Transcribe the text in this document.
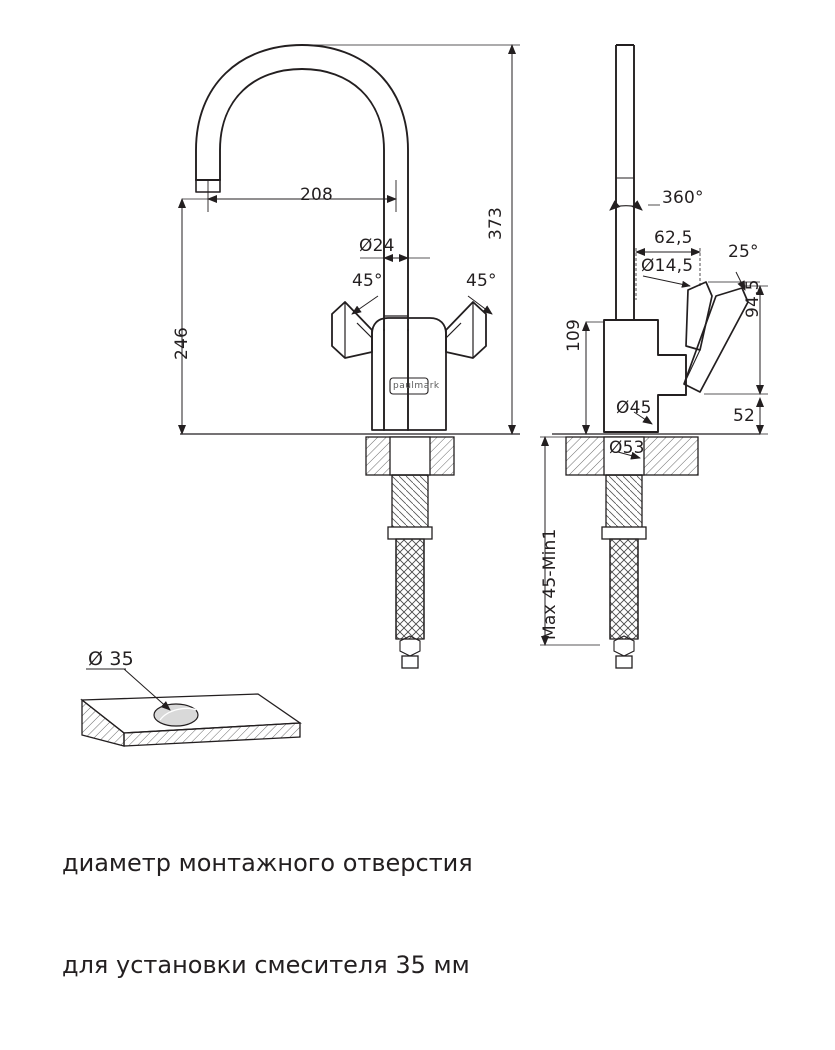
208
373
Ø24
246
45°	45°
paulmark
360°
62,5
25°
Ø14,5
94,5
109
Ø45
Ø53
52
Max 45-Min1
Ø 35

диаметр монтажного отверстия

для установки смесителя 35 мм
